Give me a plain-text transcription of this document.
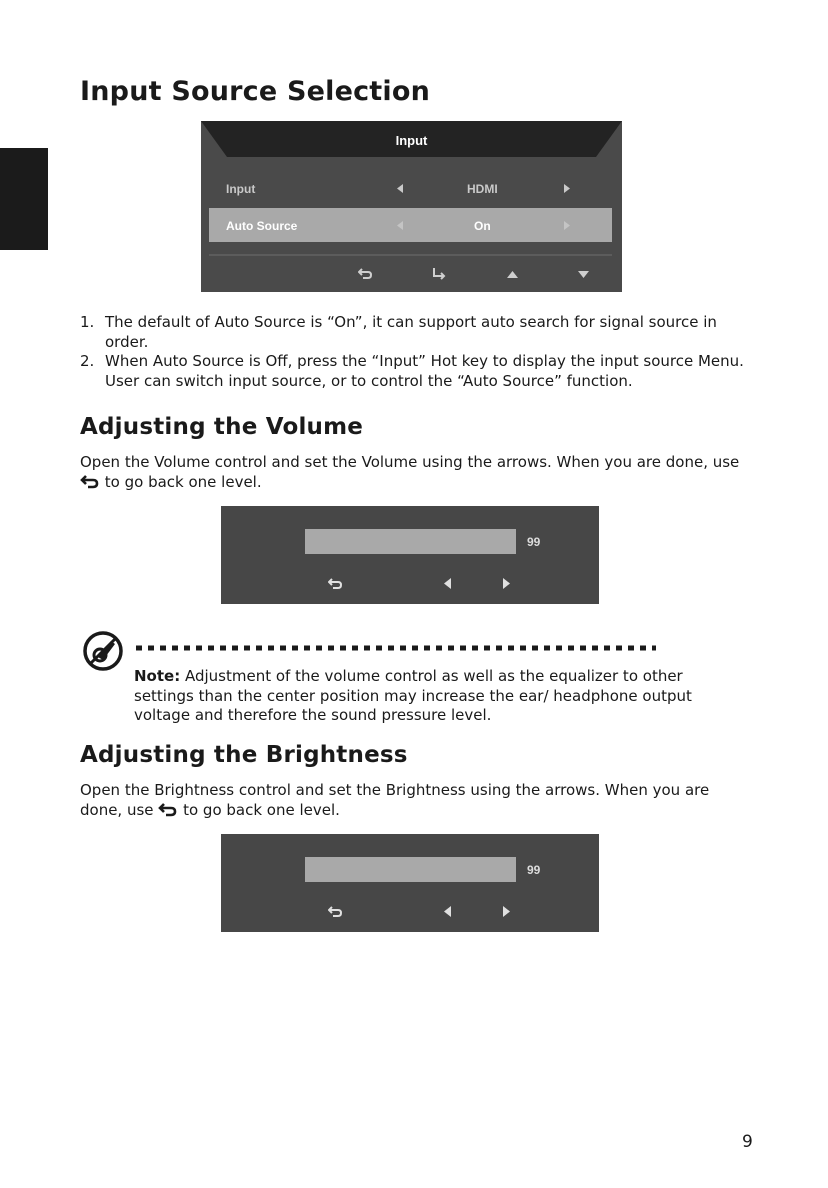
Input Source Selection
Input
Input	HDMI
Auto Source	On
1. The default of Auto Source is “On”, it can support auto search for signal source in order.
2. When Auto Source is Off, press the “Input” Hot key to display the input source Menu. User can switch input source, or to control the “Auto Source” function.
Adjusting the Volume
Open the Volume control and set the Volume using the arrows. When you are done, use
to go back one level.
99
Note: Adjustment of the volume control as well as the equalizer to other settings than the center position may increase the ear/ headphone output voltage and therefore the sound pressure level.
Adjusting the Brightness
Open the Brightness control and set the Brightness using the arrows. When you are done, use to go back one level.
99
9
